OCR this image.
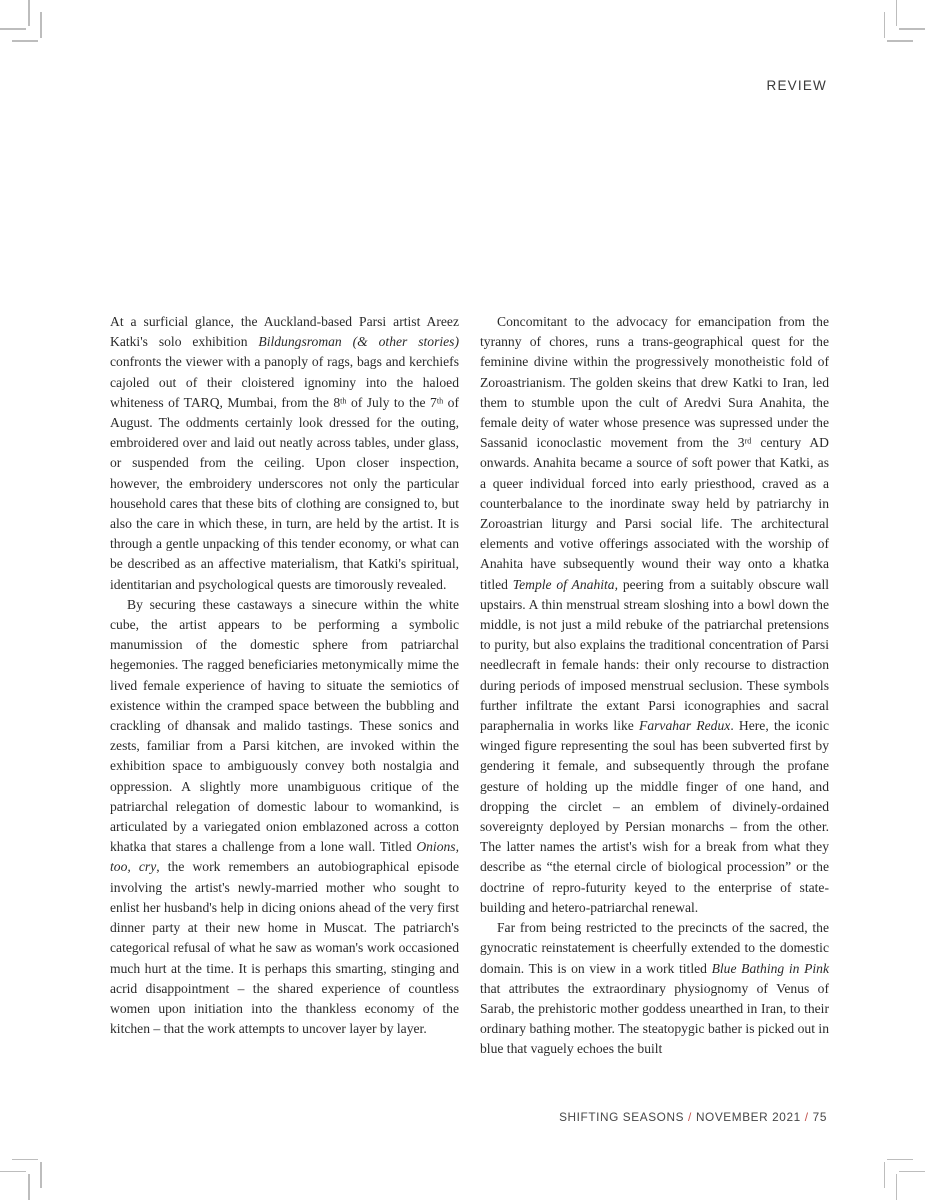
REVIEW

At a surficial glance, the Auckland-based Parsi artist Areez Katki's solo exhibition Bildungsroman (& other stories) confronts the viewer with a panoply of rags, bags and kerchiefs cajoled out of their cloistered ignominy into the haloed whiteness of TARQ, Mumbai, from the 8th of July to the 7th of August. The oddments certainly look dressed for the outing, embroidered over and laid out neatly across tables, under glass, or suspended from the ceiling. Upon closer inspection, however, the embroidery underscores not only the particular household cares that these bits of clothing are consigned to, but also the care in which these, in turn, are held by the artist. It is through a gentle unpacking of this tender economy, or what can be described as an affective materialism, that Katki's spiritual, identitarian and psychological quests are timorously revealed.

By securing these castaways a sinecure within the white cube, the artist appears to be performing a symbolic manumission of the domestic sphere from patriarchal hegemonies. The ragged beneficiaries metonymically mime the lived female experience of having to situate the semiotics of existence within the cramped space between the bubbling and crackling of dhansak and malido tastings. These sonics and zests, familiar from a Parsi kitchen, are invoked within the exhibition space to ambiguously convey both nostalgia and oppression. A slightly more unambiguous critique of the patriarchal relegation of domestic labour to womankind, is articulated by a variegated onion emblazoned across a cotton khatka that stares a challenge from a lone wall. Titled Onions, too, cry, the work remembers an autobiographical episode involving the artist's newly-married mother who sought to enlist her husband's help in dicing onions ahead of the very first dinner party at their new home in Muscat. The patriarch's categorical refusal of what he saw as woman's work occasioned much hurt at the time. It is perhaps this smarting, stinging and acrid disappointment – the shared experience of countless women upon initiation into the thankless economy of the kitchen – that the work attempts to uncover layer by layer.

Concomitant to the advocacy for emancipation from the tyranny of chores, runs a trans-geographical quest for the feminine divine within the progressively monotheistic fold of Zoroastrianism. The golden skeins that drew Katki to Iran, led them to stumble upon the cult of Aredvi Sura Anahita, the female deity of water whose presence was supressed under the Sassanid iconoclastic movement from the 3rd century AD onwards. Anahita became a source of soft power that Katki, as a queer individual forced into early priesthood, craved as a counterbalance to the inordinate sway held by patriarchy in Zoroastrian liturgy and Parsi social life. The architectural elements and votive offerings associated with the worship of Anahita have subsequently wound their way onto a khatka titled Temple of Anahita, peering from a suitably obscure wall upstairs. A thin menstrual stream sloshing into a bowl down the middle, is not just a mild rebuke of the patriarchal pretensions to purity, but also explains the traditional concentration of Parsi needlecraft in female hands: their only recourse to distraction during periods of imposed menstrual seclusion. These symbols further infiltrate the extant Parsi iconographies and sacral paraphernalia in works like Farvahar Redux. Here, the iconic winged figure representing the soul has been subverted first by gendering it female, and subsequently through the profane gesture of holding up the middle finger of one hand, and dropping the circlet – an emblem of divinely-ordained sovereignty deployed by Persian monarchs – from the other. The latter names the artist's wish for a break from what they describe as “the eternal circle of biological procession” or the doctrine of repro-futurity keyed to the enterprise of state-building and hetero-patriarchal renewal.

Far from being restricted to the precincts of the sacred, the gynocratic reinstatement is cheerfully extended to the domestic domain. This is on view in a work titled Blue Bathing in Pink that attributes the extraordinary physiognomy of Venus of Sarab, the prehistoric mother goddess unearthed in Iran, to their ordinary bathing mother. The steatopygic bather is picked out in blue that vaguely echoes the built

SHIFTING SEASONS / NOVEMBER 2021 / 75
